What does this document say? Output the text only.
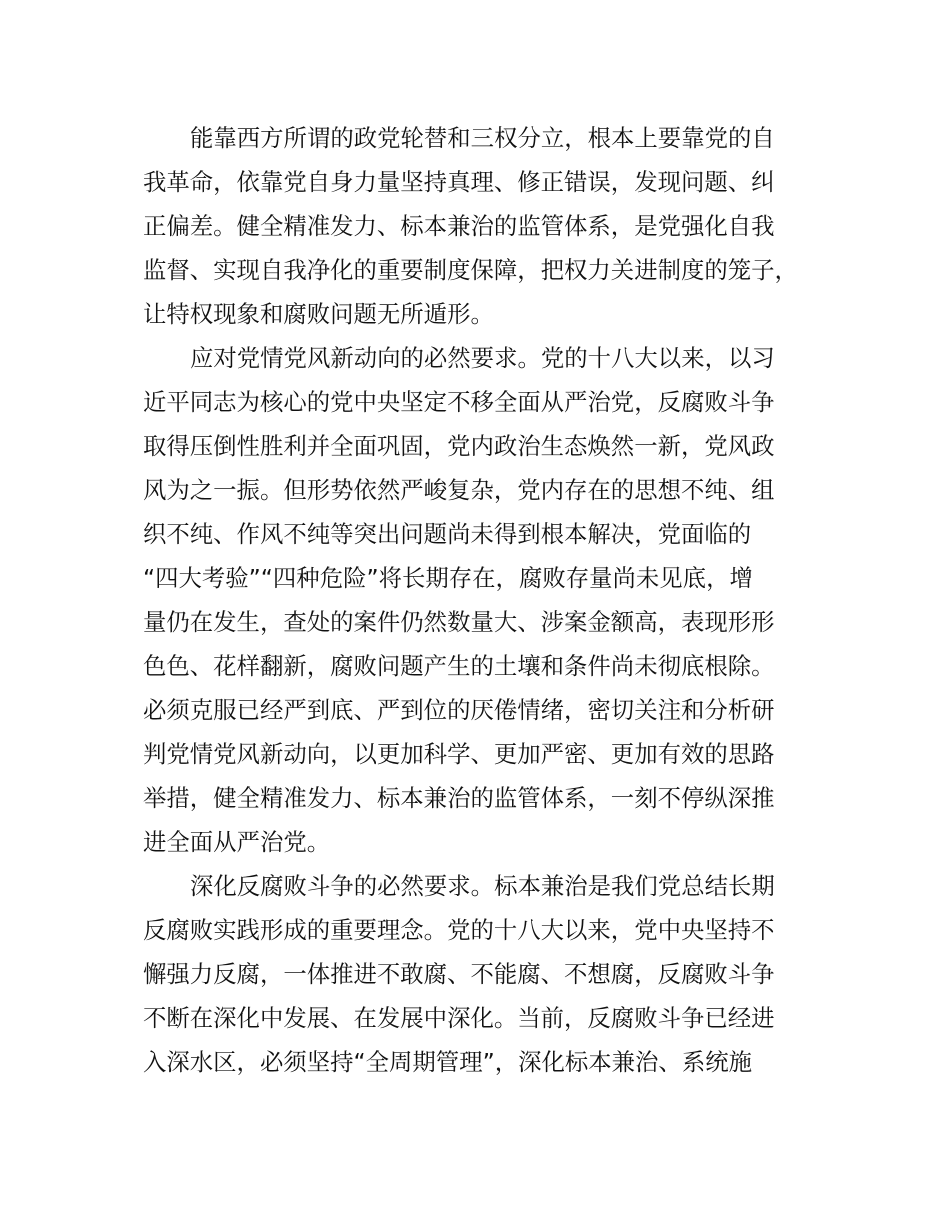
能靠西方所谓的政党轮替和三权分立，根本上要靠党的自
我革命，依靠党自身力量坚持真理、修正错误，发现问题、纠
正偏差。健全精准发力、标本兼治的监管体系，是党强化自我
监督、实现自我净化的重要制度保障，把权力关进制度的笼子，
让特权现象和腐败问题无所遁形。
应对党情党风新动向的必然要求。党的十八大以来，以习
近平同志为核心的党中央坚定不移全面从严治党，反腐败斗争
取得压倒性胜利并全面巩固，党内政治生态焕然一新，党风政
风为之一振。但形势依然严峻复杂，党内存在的思想不纯、组
织不纯、作风不纯等突出问题尚未得到根本解决，党面临的
“四大考验”“四种危险”将长期存在，腐败存量尚未见底，增
量仍在发生，查处的案件仍然数量大、涉案金额高，表现形形
色色、花样翻新，腐败问题产生的土壤和条件尚未彻底根除。
必须克服已经严到底、严到位的厌倦情绪，密切关注和分析研
判党情党风新动向，以更加科学、更加严密、更加有效的思路
举措，健全精准发力、标本兼治的监管体系，一刻不停纵深推
进全面从严治党。
深化反腐败斗争的必然要求。标本兼治是我们党总结长期
反腐败实践形成的重要理念。党的十八大以来，党中央坚持不
懈强力反腐，一体推进不敢腐、不能腐、不想腐，反腐败斗争
不断在深化中发展、在发展中深化。当前，反腐败斗争已经进
入深水区，必须坚持“全周期管理”，深化标本兼治、系统施
